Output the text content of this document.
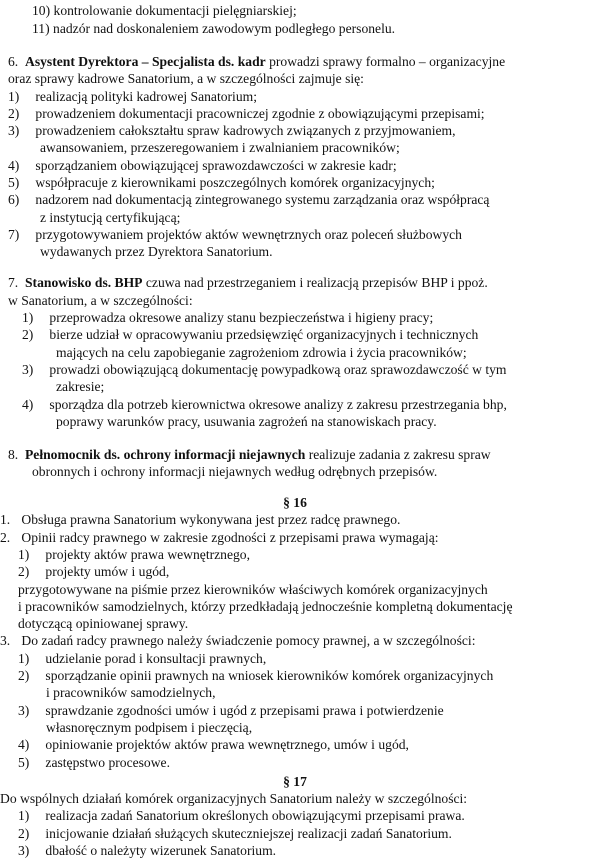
10) kontrolowanie dokumentacji pielęgniarskiej;
11) nadzór nad doskonaleniem zawodowym podległego personelu.
6. Asystent Dyrektora – Specjalista ds. kadr prowadzi sprawy formalno – organizacyjne
oraz sprawy kadrowe Sanatorium, a w szczególności zajmuje się:
1) realizacją polityki kadrowej Sanatorium;
2) prowadzeniem dokumentacji pracowniczej zgodnie z obowiązującymi przepisami;
3) prowadzeniem całokształtu spraw kadrowych związanych z przyjmowaniem,
awansowaniem, przeszeregowaniem i zwalnianiem pracowników;
4) sporządzaniem obowiązującej sprawozdawczości w zakresie kadr;
5) współpracuje z kierownikami poszczególnych komórek organizacyjnych;
6) nadzorem nad dokumentacją zintegrowanego systemu zarządzania oraz współpracą
z instytucją certyfikującą;
7) przygotowywaniem projektów aktów wewnętrznych oraz poleceń służbowych
wydawanych przez Dyrektora Sanatorium.
7. Stanowisko ds. BHP czuwa nad przestrzeganiem i realizacją przepisów BHP i ppoż.
w Sanatorium, a w szczególności:
1) przeprowadza okresowe analizy stanu bezpieczeństwa i higieny pracy;
2) bierze udział w opracowywaniu przedsięwzięć organizacyjnych i technicznych
mających na celu zapobieganie zagrożeniom zdrowia i życia pracowników;
3) prowadzi obowiązującą dokumentację powypadkową oraz sprawozdawczość w tym
zakresie;
4) sporządza dla potrzeb kierownictwa okresowe analizy z zakresu przestrzegania bhp,
poprawy warunków pracy, usuwania zagrożeń na stanowiskach pracy.
8. Pełnomocnik ds. ochrony informacji niejawnych realizuje zadania z zakresu spraw
obronnych i ochrony informacji niejawnych według odrębnych przepisów.
§ 16
1. Obsługa prawna Sanatorium wykonywana jest przez radcę prawnego.
2. Opinii radcy prawnego w zakresie zgodności z przepisami prawa wymagają:
1) projekty aktów prawa wewnętrznego,
2) projekty umów i ugód,
przygotowywane na piśmie przez kierowników właściwych komórek organizacyjnych
i pracowników samodzielnych, którzy przedkładają jednocześnie kompletną dokumentację
dotyczącą opiniowanej sprawy.
3. Do zadań radcy prawnego należy świadczenie pomocy prawnej, a w szczególności:
1) udzielanie porad i konsultacji prawnych,
2) sporządzanie opinii prawnych na wniosek kierowników komórek organizacyjnych
i pracowników samodzielnych,
3) sprawdzanie zgodności umów i ugód z przepisami prawa i potwierdzenie
własnoręcznym podpisem i pieczęcią,
4) opiniowanie projektów aktów prawa wewnętrznego, umów i ugód,
5) zastępstwo procesowe.
§ 17
Do wspólnych działań komórek organizacyjnych Sanatorium należy w szczególności:
1) realizacja zadań Sanatorium określonych obowiązującymi przepisami prawa.
2) inicjowanie działań służących skuteczniejszej realizacji zadań Sanatorium.
3) dbałość o należyty wizerunek Sanatorium.
